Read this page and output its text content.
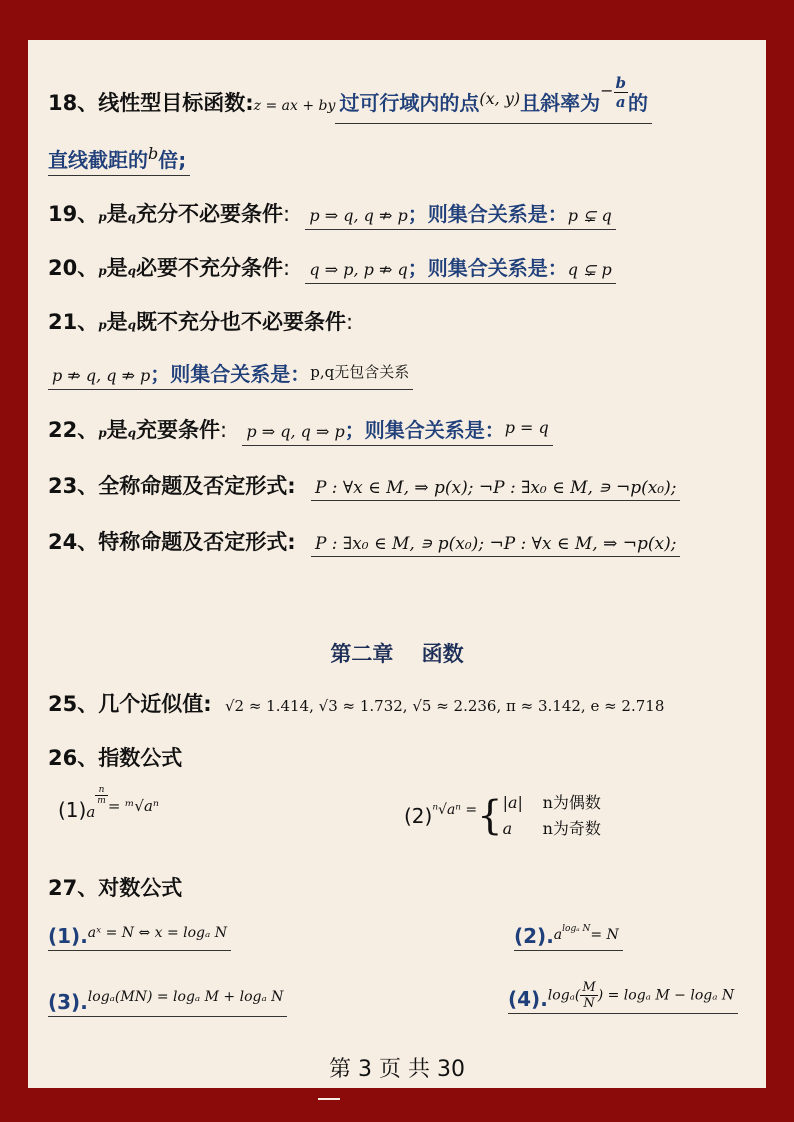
18、线性型目标函数:z = ax + by 过可行域内的点$^{(x, y)}$且斜率为$^- \frac{b}{a}$ 的
直线截距的$^b$倍;
19、p是q充分不必要条件: p ⇒ q, q ⇏ p；则集合关系是：p ⊊ q
20、p是q必要不充分条件: q ⇒ p, p ⇏ q；则集合关系是：q ⊊ p
21、p是q既不充分也不必要条件:
p ⇏ q, q ⇏ p；则集合关系是：$^{p,q无包含关系}$
22、p是q充要条件: p ⇒ q, q ⇒ p；则集合关系是：$^{p = q}$
23、全称命题及否定形式: P : ∀x ∈ M, ⇒ p(x); ¬P : ∃x₀ ∈ M, ∍ ¬p(x₀);
24、特称命题及否定形式: P : ∃x₀ ∈ M, ∍ p(x₀); ¬P : ∀x ∈ M, ⇒ ¬p(x);
第二章　 函数
25、几个近似值: √2 ≈ 1.414, √3 ≈ 1.732, √5 ≈ 2.236, π ≈ 3.142, e ≈ 2.718
26、指数公式
(1)a
$\frac{n}{m} ^{= ᵐ√a^n}$	$(2)^{^n√a^n =}${ |a| n为偶数
a n为奇数
27、对数公式
(1).aˣ = N ⇔ x = logₐ N	$(2).a^{log_a N}= N$
(3).logₐ(MN) = logₐ M + logₐ N	$(4).\log_a( \frac{M}{N}$ ) = logₐ M − logₐ N
第 3 页 共 30
